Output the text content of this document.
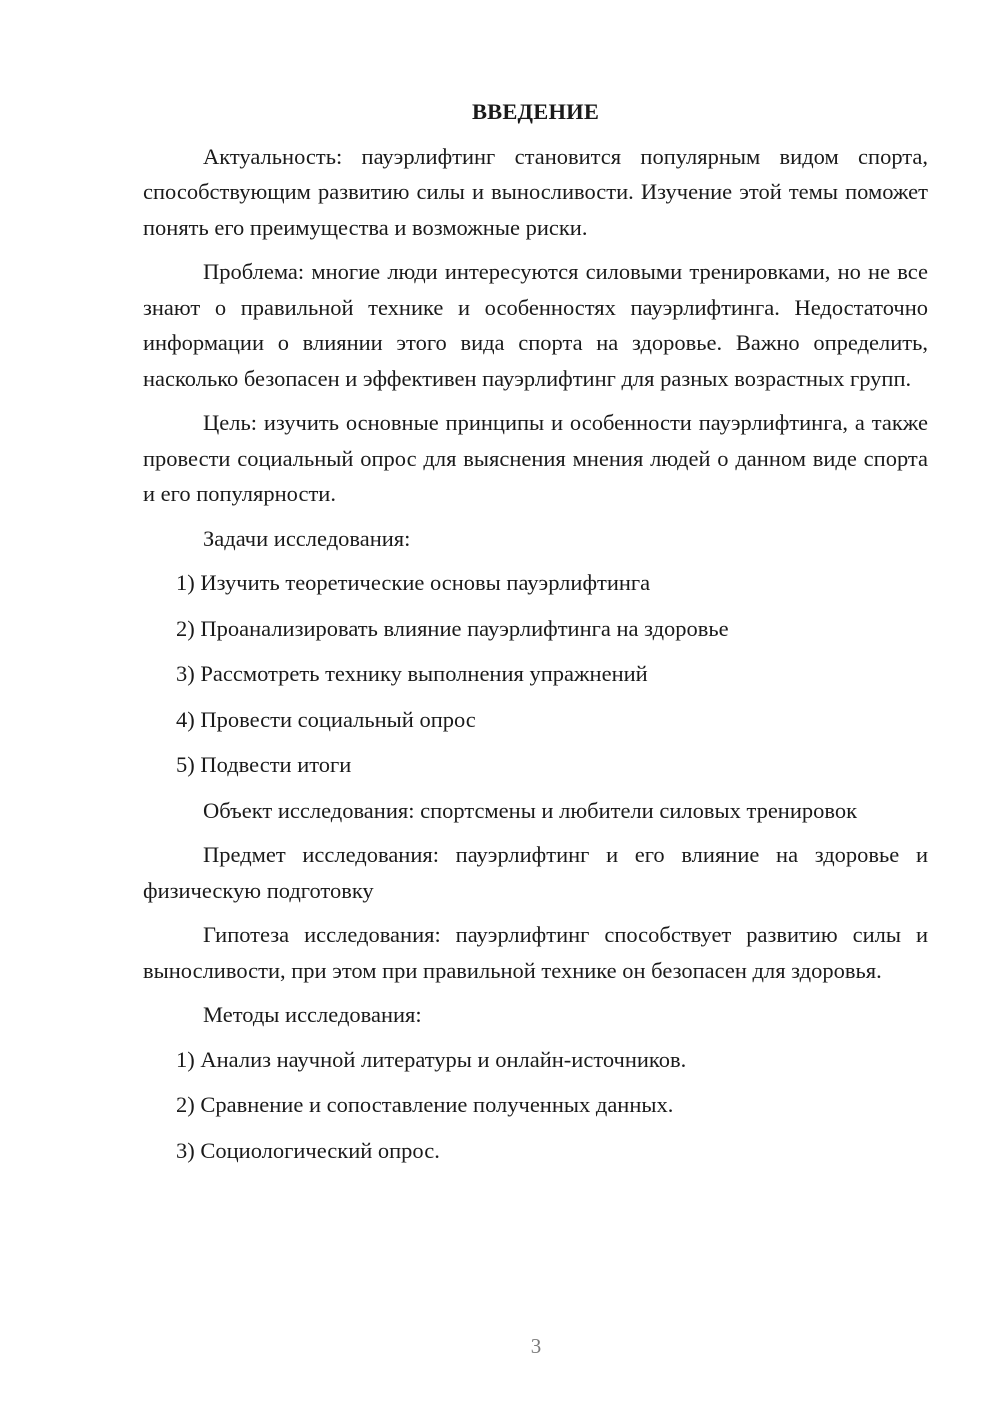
ВВЕДЕНИЕ

Актуальность: пауэрлифтинг становится популярным видом спорта, способствующим развитию силы и выносливости. Изучение этой темы поможет понять его преимущества и возможные риски.

Проблема: многие люди интересуются силовыми тренировками, но не все знают о правильной технике и особенностях пауэрлифтинга. Недостаточно информации о влиянии этого вида спорта на здоровье. Важно определить, насколько безопасен и эффективен пауэрлифтинг для разных возрастных групп.

Цель: изучить основные принципы и особенности пауэрлифтинга, а также провести социальный опрос для выяснения мнения людей о данном виде спорта и его популярности.

Задачи исследования:

1) Изучить теоретические основы пауэрлифтинга
2) Проанализировать влияние пауэрлифтинга на здоровье
3) Рассмотреть технику выполнения упражнений
4) Провести социальный опрос
5) Подвести итоги

Объект исследования: спортсмены и любители силовых тренировок

Предмет исследования: пауэрлифтинг и его влияние на здоровье и физическую подготовку

Гипотеза исследования: пауэрлифтинг способствует развитию силы и выносливости, при этом при правильной технике он безопасен для здоровья.

Методы исследования:

1) Анализ научной литературы и онлайн-источников.
2) Сравнение и сопоставление полученных данных.
3) Социологический опрос.
3
